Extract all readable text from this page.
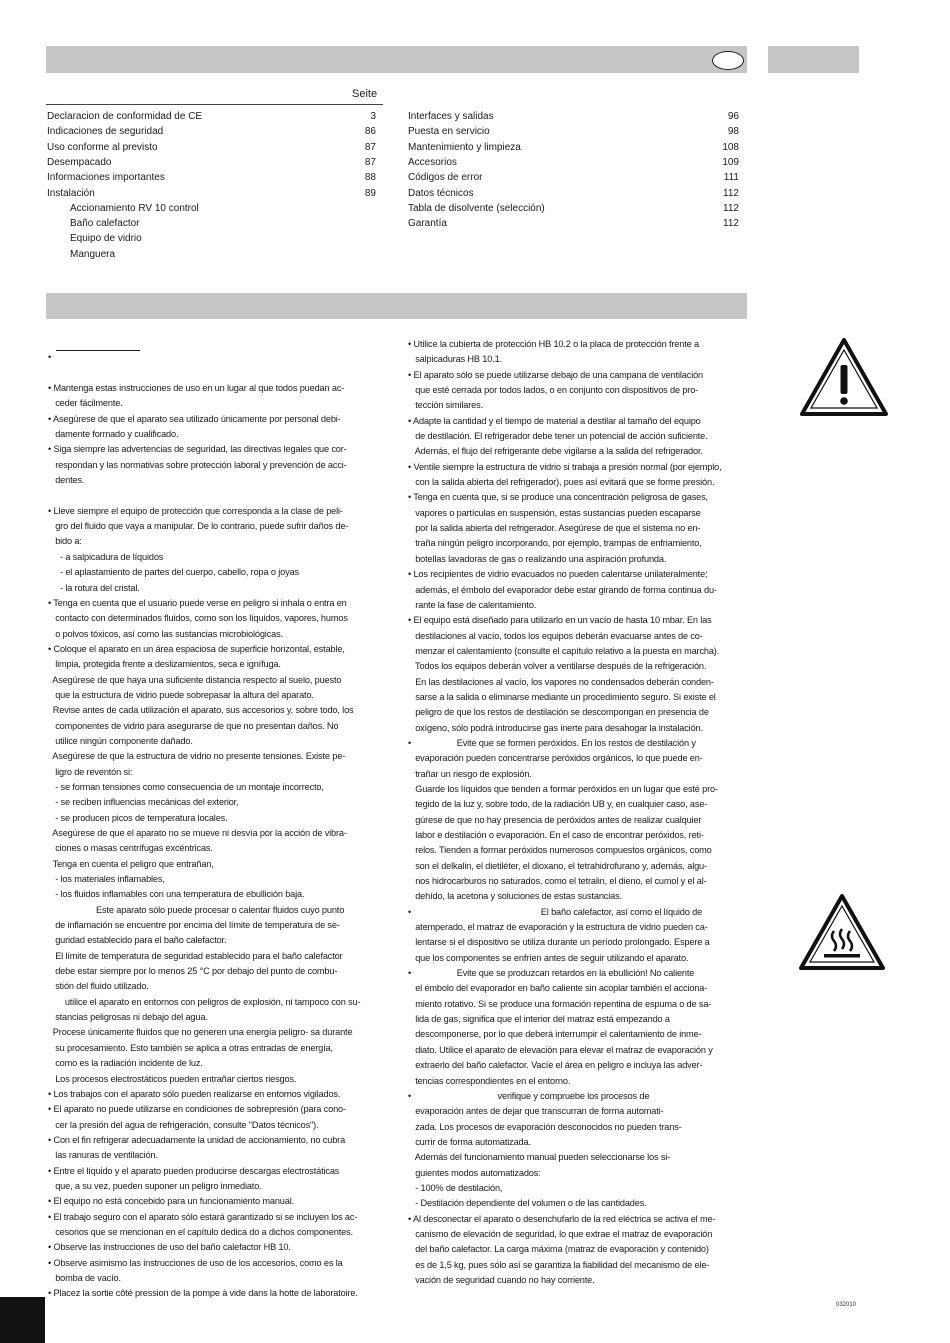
Seite
Declaracion de conformidad de CE	3
Indicaciones de seguridad	86
Uso conforme al previsto	87
Desempacado	87
Informaciones importantes	88
Instalación	89
Accionamiento RV 10 control
Baño calefactor
Equipo de vidrio
Manguera
Interfaces y salidas	96
Puesta en servicio	98
Mantenimiento y limpieza	108
Accesorios	109
Códigos de error	111
Datos técnicos	112
Tabla de disolvente (selección)	112
Garantía	112
•
• Mantenga estas instrucciones de uso en un lugar al que todos puedan ac-
ceder fácilmente.
• Asegúrese de que el aparato sea utilizado únicamente por personal debi-
damente formado y cualificado.
• Siga siempre las advertencias de seguridad, las directivas legales que cor-
respondan y las normativas sobre protección laboral y prevención de acci-
dentes.
• Lleve siempre el equipo de protección que corresponda a la clase de peli-
gro del fluido que vaya a manipular. De lo contrario, puede sufrir daños de-
bido a:
- a salpicadura de líquidos
- el aplastamiento de partes del cuerpo, cabello, ropa o joyas
- la rotura del cristal.
• Tenga en cuenta que el usuario puede verse en peligro si inhala o entra en
contacto con determinados fluidos, como son los líquidos, vapores, humos
o polvos tóxicos, así como las sustancias microbiológicas.
• Coloque el aparato en un área espaciosa de superficie horizontal, estable,
limpia, protegida frente a deslizamientos, seca e ignífuga.
Asegúrese de que haya una suficiente distancia respecto al suelo, puesto
que la estructura de vidrio puede sobrepasar la altura del aparato.
Revise antes de cada utilización el aparato, sus accesorios y, sobre todo, los
componentes de vidrio para asegurarse de que no presentan daños. No
utilice ningún componente dañado.
Asegúrese de que la estructura de vidrio no presente tensiones. Existe pe-
ligro de reventón si:
- se forman tensiones como consecuencia de un montaje incorrecto,
- se reciben influencias mecánicas del exterior,
- se producen picos de temperatura locales.
Asegúrese de que el aparato no se mueve ni desvía por la acción de vibra-
ciones o masas centrífugas excéntricas.
Tenga en cuenta el peligro que entrañan,
- los materiales inflamables,
- los fluidos inflamables con una temperatura de ebullición baja.
Este aparato sólo puede procesar o calentar fluidos cuyo punto
de inflamación se encuentre por encima del límite de temperatura de se-
guridad establecido para el baño calefactor.
El límite de temperatura de seguridad establecido para el baño calefactor
debe estar siempre por lo menos 25 °C por debajo del punto de combu-
stión del fluido utilizado.
utilice el aparato en entornos con peligros de explosión, ni tampoco con su-
stancias peligrosas ni debajo del agua.
Procese únicamente fluidos que no generen una energía peligro- sa durante
su procesamiento. Esto también se aplica a otras entradas de energía,
como es la radiación incidente de luz.
Los procesos electrostáticos pueden entrañar ciertos riesgos.
• Los trabajos con el aparato sólo pueden realizarse en entornos vigilados.
• El aparato no puede utilizarse en condiciones de sobrepresión (para cono-
cer la presión del agua de refrigeración, consulte "Datos técnicos").
• Con el fin refrigerar adecuadamente la unidad de accionamiento, no cubra
las ranuras de ventilación.
• Entre el líquido y el aparato pueden producirse descargas electrostáticas
que, a su vez, pueden suponer un peligro inmediato.
• El equipo no está concebido para un funcionamiento manual.
• El trabajo seguro con el aparato sólo estará garantizado si se incluyen los ac-
cesorios que se mencionan en el capítulo dedica do a dichos componentes.
• Observe las instrucciones de uso del baño calefactor HB 10.
• Observe asimismo las instrucciones de uso de los accesorios, como es la
bomba de vacío.
• Placez la sortie côté pression de la pompe à vide dans la hotte de laboratoire.
• Utilice la cubierta de protección HB 10.2 o la placa de protección frente a
salpicaduras HB 10.1.
• El aparato sólo se puede utilizarse debajo de una campana de ventilación
que esté cerrada por todos lados, o en conjunto con dispositivos de pro-
tección similares.
• Adapte la cantidad y el tiempo de material a destilar al tamaño del equipo
de destilación. El refrigerador debe tener un potencial de acción suficiente.
Además, el flujo del refrigerante debe vigilarse a la salida del refrigerador.
• Ventile siempre la estructura de vidrio si trabaja a presión normal (por ejemplo,
con la salida abierta del refrigerador), pues así evitará que se forme presión.
• Tenga en cuenta que, si se produce una concentración peligrosa de gases,
vapores o partículas en suspensión, estas sustancias pueden escaparse
por la salida abierta del refrigerador. Asegúrese de que el sistema no en-
traña ningún peligro incorporando, por ejemplo, trampas de enfriamiento,
botellas lavadoras de gas o realizando una aspiración profunda.
• Los recipientes de vidrio evacuados no pueden calentarse unilateralmente;
además, el émbolo del evaporador debe estar girando de forma continua du-
rante la fase de calentamiento.
• El equipo está diseñado para utilizarlo en un vacío de hasta 10 mbar. En las
destilaciones al vacío, todos los equipos deberán evacuarse antes de co-
menzar el calentamiento (consulte el capítulo relativo a la puesta en marcha).
Todos los equipos deberán volver a ventilarse después de la refrigeración.
En las destilaciones al vacío, los vapores no condensados deberán conden-
sarse a la salida o eliminarse mediante un procedimiento seguro. Si existe el
peligro de que los restos de destilación se descompongan en presencia de
oxígeno, sólo podrá introducirse gas inerte para desahogar la instalación.
•                   Evite que se formen peróxidos. En los restos de destilación y
evaporación pueden concentrarse peróxidos orgánicos, lo que puede en-
trañar un riesgo de explosión.
Guarde los líquidos que tienden a formar peróxidos en un lugar que esté pro-
tegido de la luz y, sobre todo, de la radiación UB y, en cualquier caso, ase-
gúrese de que no hay presencia de peróxidos antes de realizar cualquier
labor e destilación o evaporación. En el caso de encontrar peróxidos, reti-
relos. Tienden a formar peróxidos numerosos compuestos orgánicos, como
son el delkalin, el dietiléter, el dioxano, el tetrahidrofurano y, además, algu-
nos hidrocarburos no saturados, como el tetralin, el dieno, el cumol y el al-
dehído, la acetona y soluciones de estas sustancias.
•                                                      El baño calefactor, así como el líquido de
atemperado, el matraz de evaporación y la estructura de vidrio pueden ca-
lentarse si el dispositivo se utiliza durante un período prolongado. Espere a
que los componentes se enfríen antes de seguir utilizando el aparato.
•                   Evite que se produzcan retardos en la ebullición! No caliente
el émbolo del evaporador en baño caliente sin acoplar también el acciona-
miento rotativo. Si se produce una formación repentina de espuma o de sa-
lida de gas, significa que el interior del matraz está empezando a
descomponerse, por lo que deberá interrumpir el calentamiento de inme-
diato. Utilice el aparato de elevación para elevar el matraz de evaporación y
extraerlo del baño calefactor. Vacíe el área en peligro e incluya las adver-
tencias correspondientes en el entorno.
•                                    verifique y compruebe los procesos de
evaporación antes de dejar que transcurran de forma automati-
zada. Los procesos de evaporación desconocidos no pueden trans-
currir de forma automatizada.
Además del funcionamiento manual pueden seleccionarse los si-
guientes modos automatizados:
- 100% de destilación,
- Destilación dependiente del volumen o de las cantidades.
• Al desconectar el aparato o desenchufarlo de la red eléctrica se activa el me-
canismo de elevación de seguridad, lo que extrae el matraz de evaporación
del baño calefactor. La carga máxima (matraz de evaporación y contenido)
es de 1,5 kg, pues sólo así se garantiza la fiabilidad del mecanismo de ele-
vación de seguridad cuando no hay corriente.
032010
